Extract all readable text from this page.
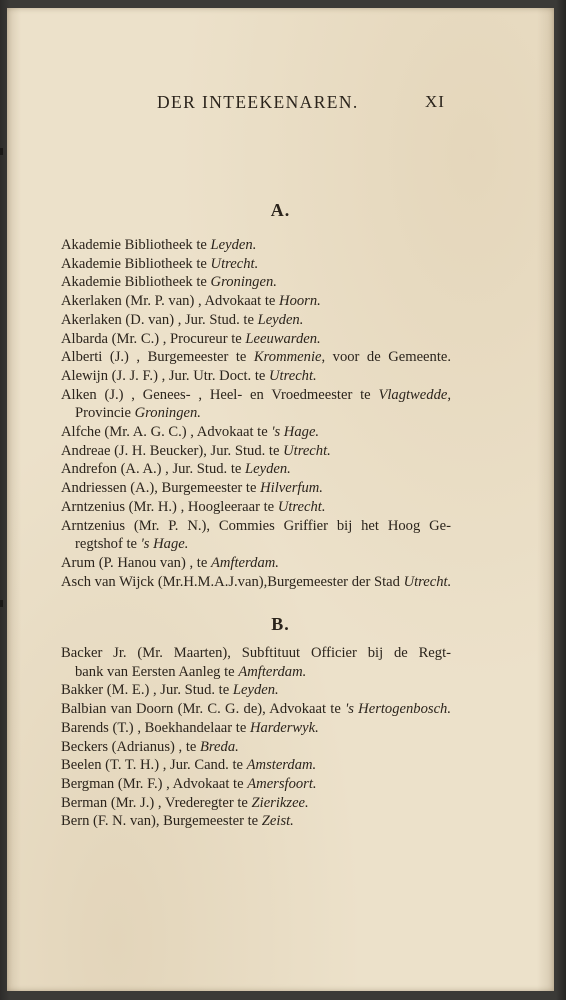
DER INTEEKENAREN.	XI
A.
Akademie Bibliotheek te Leyden.
Akademie Bibliotheek te Utrecht.
Akademie Bibliotheek te Groningen.
Akerlaken (Mr. P. van) , Advokaat te Hoorn.
Akerlaken (D. van) , Jur. Stud. te Leyden.
Albarda (Mr. C.) , Procureur te Leeuwarden.
Alberti (J.) , Burgemeester te Krommenie, voor de Gemeente.
Alewijn (J. J. F.) , Jur. Utr. Doct. te Utrecht.
Alken (J.) , Genees- , Heel- en Vroedmeester te Vlagtwedde,
Provincie Groningen.
Alfche (Mr. A. G. C.) , Advokaat te 's Hage.
Andreae (J. H. Beucker), Jur. Stud. te Utrecht.
Andrefon (A. A.) , Jur. Stud. te Leyden.
Andriessen (A.), Burgemeester te Hilverfum.
Arntzenius (Mr. H.) , Hoogleeraar te Utrecht.
Arntzenius (Mr. P. N.), Commies Griffier bij het Hoog Ge-
regtshof te 's Hage.
Arum (P. Hanou van) , te Amfterdam.
Asch van Wijck (Mr.H.M.A.J.van),Burgemeester der Stad Utrecht.
B.
Backer Jr. (Mr. Maarten), Subftituut Officier bij de Regt-
bank van Eersten Aanleg te Amfterdam.
Bakker (M. E.) , Jur. Stud. te Leyden.
Balbian van Doorn (Mr. C. G. de), Advokaat te 's Hertogenbosch.
Barends (T.) , Boekhandelaar te Harderwyk.
Beckers (Adrianus) , te Breda.
Beelen (T. T. H.) , Jur. Cand. te Amsterdam.
Bergman (Mr. F.) , Advokaat te Amersfoort.
Berman (Mr. J.) , Vrederegter te Zierikzee.
Bern (F. N. van), Burgemeester te Zeist.
